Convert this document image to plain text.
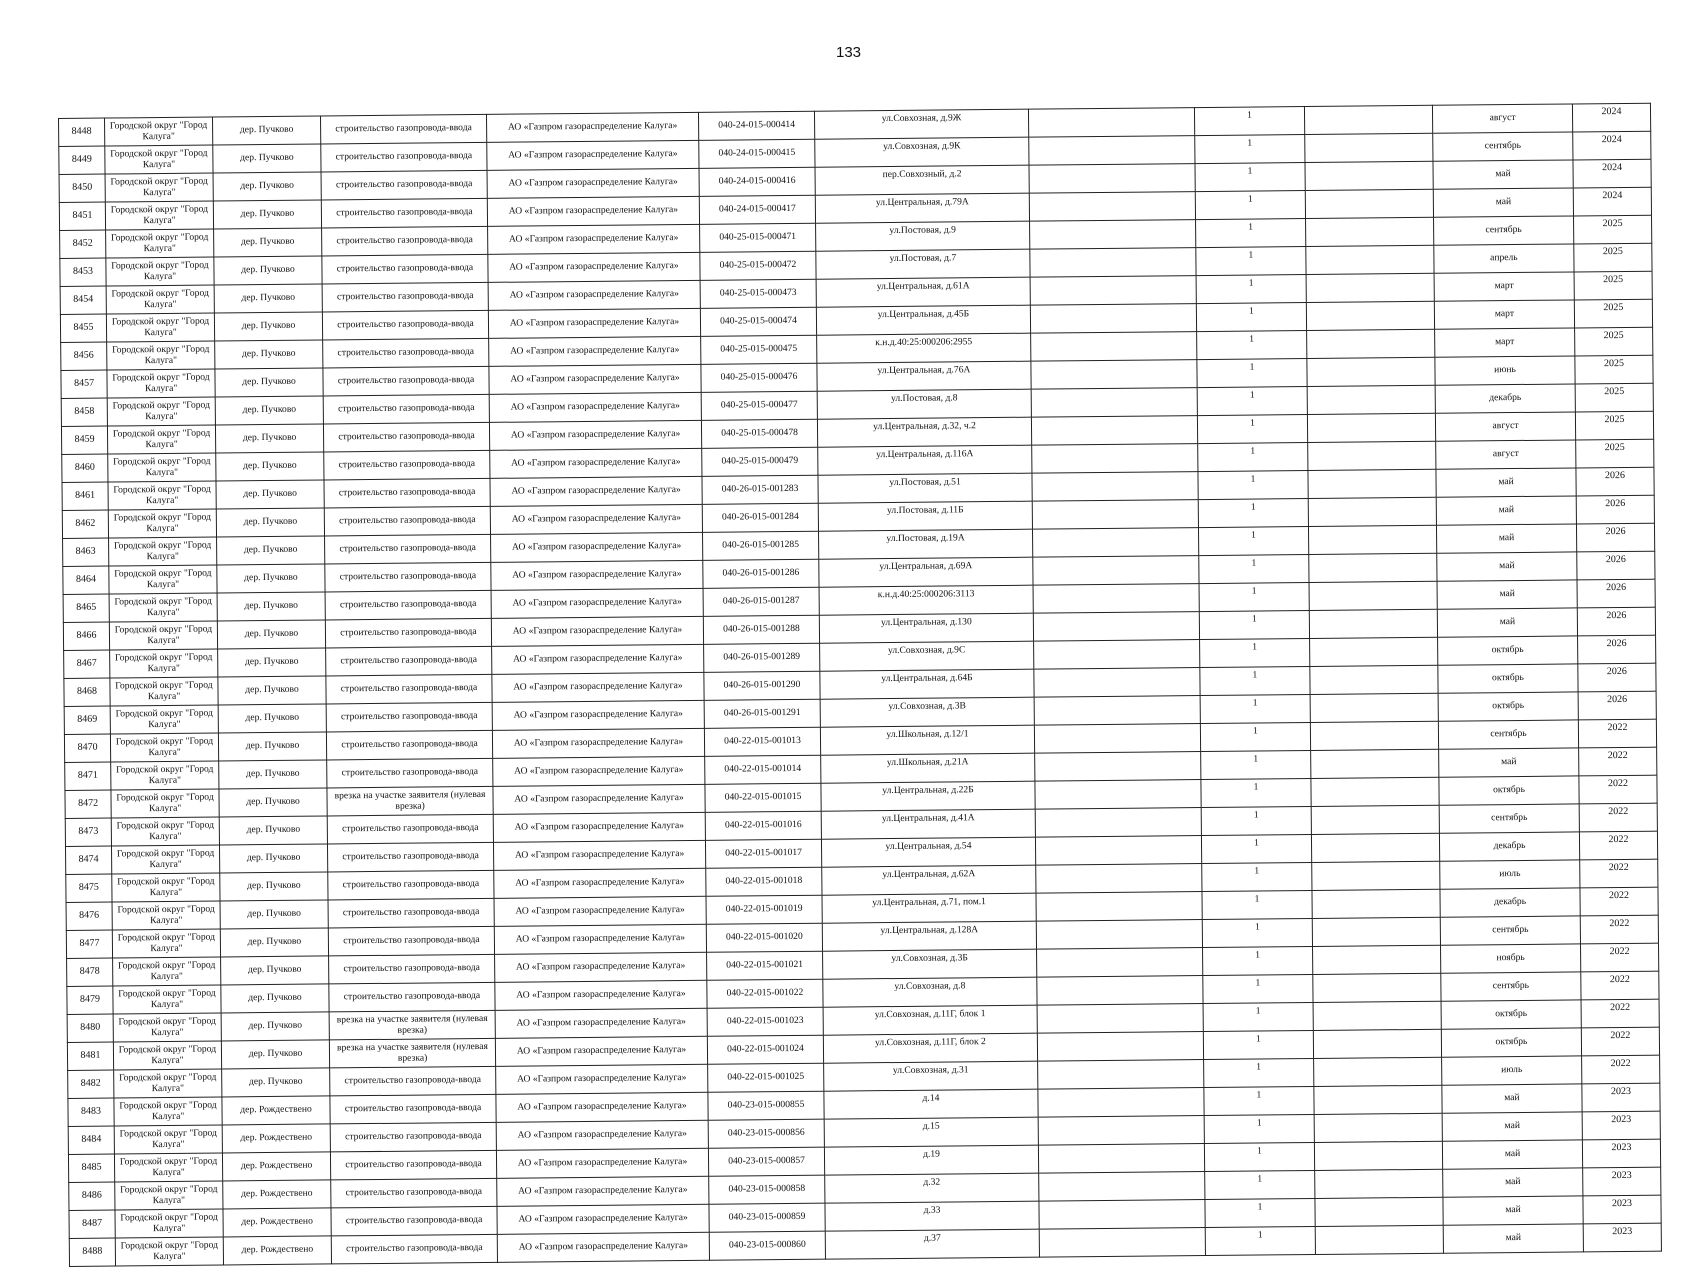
133
8448	Городской округ "Город Калуга"	дер. Пучково	строительство газопровода-ввода	АО «Газпром газораспределение Калуга»	040-24-015-000414	ул.Совхозная, д.9Ж		1		август	2024
8449	Городской округ "Город Калуга"	дер. Пучково	строительство газопровода-ввода	АО «Газпром газораспределение Калуга»	040-24-015-000415	ул.Совхозная, д.9К		1		сентябрь	2024
8450	Городской округ "Город Калуга"	дер. Пучково	строительство газопровода-ввода	АО «Газпром газораспределение Калуга»	040-24-015-000416	пер.Совхозный, д.2		1		май	2024
8451	Городской округ "Город Калуга"	дер. Пучково	строительство газопровода-ввода	АО «Газпром газораспределение Калуга»	040-24-015-000417	ул.Центральная, д.79А		1		май	2024
8452	Городской округ "Город Калуга"	дер. Пучково	строительство газопровода-ввода	АО «Газпром газораспределение Калуга»	040-25-015-000471	ул.Постовая, д.9		1		сентябрь	2025
8453	Городской округ "Город Калуга"	дер. Пучково	строительство газопровода-ввода	АО «Газпром газораспределение Калуга»	040-25-015-000472	ул.Постовая, д.7		1		апрель	2025
8454	Городской округ "Город Калуга"	дер. Пучково	строительство газопровода-ввода	АО «Газпром газораспределение Калуга»	040-25-015-000473	ул.Центральная, д.61А		1		март	2025
8455	Городской округ "Город Калуга"	дер. Пучково	строительство газопровода-ввода	АО «Газпром газораспределение Калуга»	040-25-015-000474	ул.Центральная, д.45Б		1		март	2025
8456	Городской округ "Город Калуга"	дер. Пучково	строительство газопровода-ввода	АО «Газпром газораспределение Калуга»	040-25-015-000475	к.н.д.40:25:000206:2955		1		март	2025
8457	Городской округ "Город Калуга"	дер. Пучково	строительство газопровода-ввода	АО «Газпром газораспределение Калуга»	040-25-015-000476	ул.Центральная, д.76А		1		июнь	2025
8458	Городской округ "Город Калуга"	дер. Пучково	строительство газопровода-ввода	АО «Газпром газораспределение Калуга»	040-25-015-000477	ул.Постовая, д.8		1		декабрь	2025
8459	Городской округ "Город Калуга"	дер. Пучково	строительство газопровода-ввода	АО «Газпром газораспределение Калуга»	040-25-015-000478	ул.Центральная, д.32, ч.2		1		август	2025
8460	Городской округ "Город Калуга"	дер. Пучково	строительство газопровода-ввода	АО «Газпром газораспределение Калуга»	040-25-015-000479	ул.Центральная, д.116А		1		август	2025
8461	Городской округ "Город Калуга"	дер. Пучково	строительство газопровода-ввода	АО «Газпром газораспределение Калуга»	040-26-015-001283	ул.Постовая, д.51		1		май	2026
8462	Городской округ "Город Калуга"	дер. Пучково	строительство газопровода-ввода	АО «Газпром газораспределение Калуга»	040-26-015-001284	ул.Постовая, д.11Б		1		май	2026
8463	Городской округ "Город Калуга"	дер. Пучково	строительство газопровода-ввода	АО «Газпром газораспределение Калуга»	040-26-015-001285	ул.Постовая, д.19А		1		май	2026
8464	Городской округ "Город Калуга"	дер. Пучково	строительство газопровода-ввода	АО «Газпром газораспределение Калуга»	040-26-015-001286	ул.Центральная, д.69А		1		май	2026
8465	Городской округ "Город Калуга"	дер. Пучково	строительство газопровода-ввода	АО «Газпром газораспределение Калуга»	040-26-015-001287	к.н.д.40:25:000206:3113		1		май	2026
8466	Городской округ "Город Калуга"	дер. Пучково	строительство газопровода-ввода	АО «Газпром газораспределение Калуга»	040-26-015-001288	ул.Центральная, д.130		1		май	2026
8467	Городской округ "Город Калуга"	дер. Пучково	строительство газопровода-ввода	АО «Газпром газораспределение Калуга»	040-26-015-001289	ул.Совхозная, д.9С		1		октябрь	2026
8468	Городской округ "Город Калуга"	дер. Пучково	строительство газопровода-ввода	АО «Газпром газораспределение Калуга»	040-26-015-001290	ул.Центральная, д.64Б		1		октябрь	2026
8469	Городской округ "Город Калуга"	дер. Пучково	строительство газопровода-ввода	АО «Газпром газораспределение Калуга»	040-26-015-001291	ул.Совхозная, д.3В		1		октябрь	2026
8470	Городской округ "Город Калуга"	дер. Пучково	строительство газопровода-ввода	АО «Газпром газораспределение Калуга»	040-22-015-001013	ул.Школьная, д.12/1		1		сентябрь	2022
8471	Городской округ "Город Калуга"	дер. Пучково	строительство газопровода-ввода	АО «Газпром газораспределение Калуга»	040-22-015-001014	ул.Школьная, д.21А		1		май	2022
8472	Городской округ "Город Калуга"	дер. Пучково	врезка на участке заявителя (нулевая врезка)	АО «Газпром газораспределение Калуга»	040-22-015-001015	ул.Центральная, д.22Б		1		октябрь	2022
8473	Городской округ "Город Калуга"	дер. Пучково	строительство газопровода-ввода	АО «Газпром газораспределение Калуга»	040-22-015-001016	ул.Центральная, д.41А		1		сентябрь	2022
8474	Городской округ "Город Калуга"	дер. Пучково	строительство газопровода-ввода	АО «Газпром газораспределение Калуга»	040-22-015-001017	ул.Центральная, д.54		1		декабрь	2022
8475	Городской округ "Город Калуга"	дер. Пучково	строительство газопровода-ввода	АО «Газпром газораспределение Калуга»	040-22-015-001018	ул.Центральная, д.62А		1		июль	2022
8476	Городской округ "Город Калуга"	дер. Пучково	строительство газопровода-ввода	АО «Газпром газораспределение Калуга»	040-22-015-001019	ул.Центральная, д.71, пом.1		1		декабрь	2022
8477	Городской округ "Город Калуга"	дер. Пучково	строительство газопровода-ввода	АО «Газпром газораспределение Калуга»	040-22-015-001020	ул.Центральная, д.128А		1		сентябрь	2022
8478	Городской округ "Город Калуга"	дер. Пучково	строительство газопровода-ввода	АО «Газпром газораспределение Калуга»	040-22-015-001021	ул.Совхозная, д.3Б		1		ноябрь	2022
8479	Городской округ "Город Калуга"	дер. Пучково	строительство газопровода-ввода	АО «Газпром газораспределение Калуга»	040-22-015-001022	ул.Совхозная, д.8		1		сентябрь	2022
8480	Городской округ "Город Калуга"	дер. Пучково	врезка на участке заявителя (нулевая врезка)	АО «Газпром газораспределение Калуга»	040-22-015-001023	ул.Совхозная, д.11Г, блок 1		1		октябрь	2022
8481	Городской округ "Город Калуга"	дер. Пучково	врезка на участке заявителя (нулевая врезка)	АО «Газпром газораспределение Калуга»	040-22-015-001024	ул.Совхозная, д.11Г, блок 2		1		октябрь	2022
8482	Городской округ "Город Калуга"	дер. Пучково	строительство газопровода-ввода	АО «Газпром газораспределение Калуга»	040-22-015-001025	ул.Совхозная, д.31		1		июль	2022
8483	Городской округ "Город Калуга"	дер. Рождествено	строительство газопровода-ввода	АО «Газпром газораспределение Калуга»	040-23-015-000855	д.14		1		май	2023
8484	Городской округ "Город Калуга"	дер. Рождествено	строительство газопровода-ввода	АО «Газпром газораспределение Калуга»	040-23-015-000856	д.15		1		май	2023
8485	Городской округ "Город Калуга"	дер. Рождествено	строительство газопровода-ввода	АО «Газпром газораспределение Калуга»	040-23-015-000857	д.19		1		май	2023
8486	Городской округ "Город Калуга"	дер. Рождествено	строительство газопровода-ввода	АО «Газпром газораспределение Калуга»	040-23-015-000858	д.32		1		май	2023
8487	Городской округ "Город Калуга"	дер. Рождествено	строительство газопровода-ввода	АО «Газпром газораспределение Калуга»	040-23-015-000859	д.33		1		май	2023
8488	Городской округ "Город Калуга"	дер. Рождествено	строительство газопровода-ввода	АО «Газпром газораспределение Калуга»	040-23-015-000860	д.37		1		май	2023
